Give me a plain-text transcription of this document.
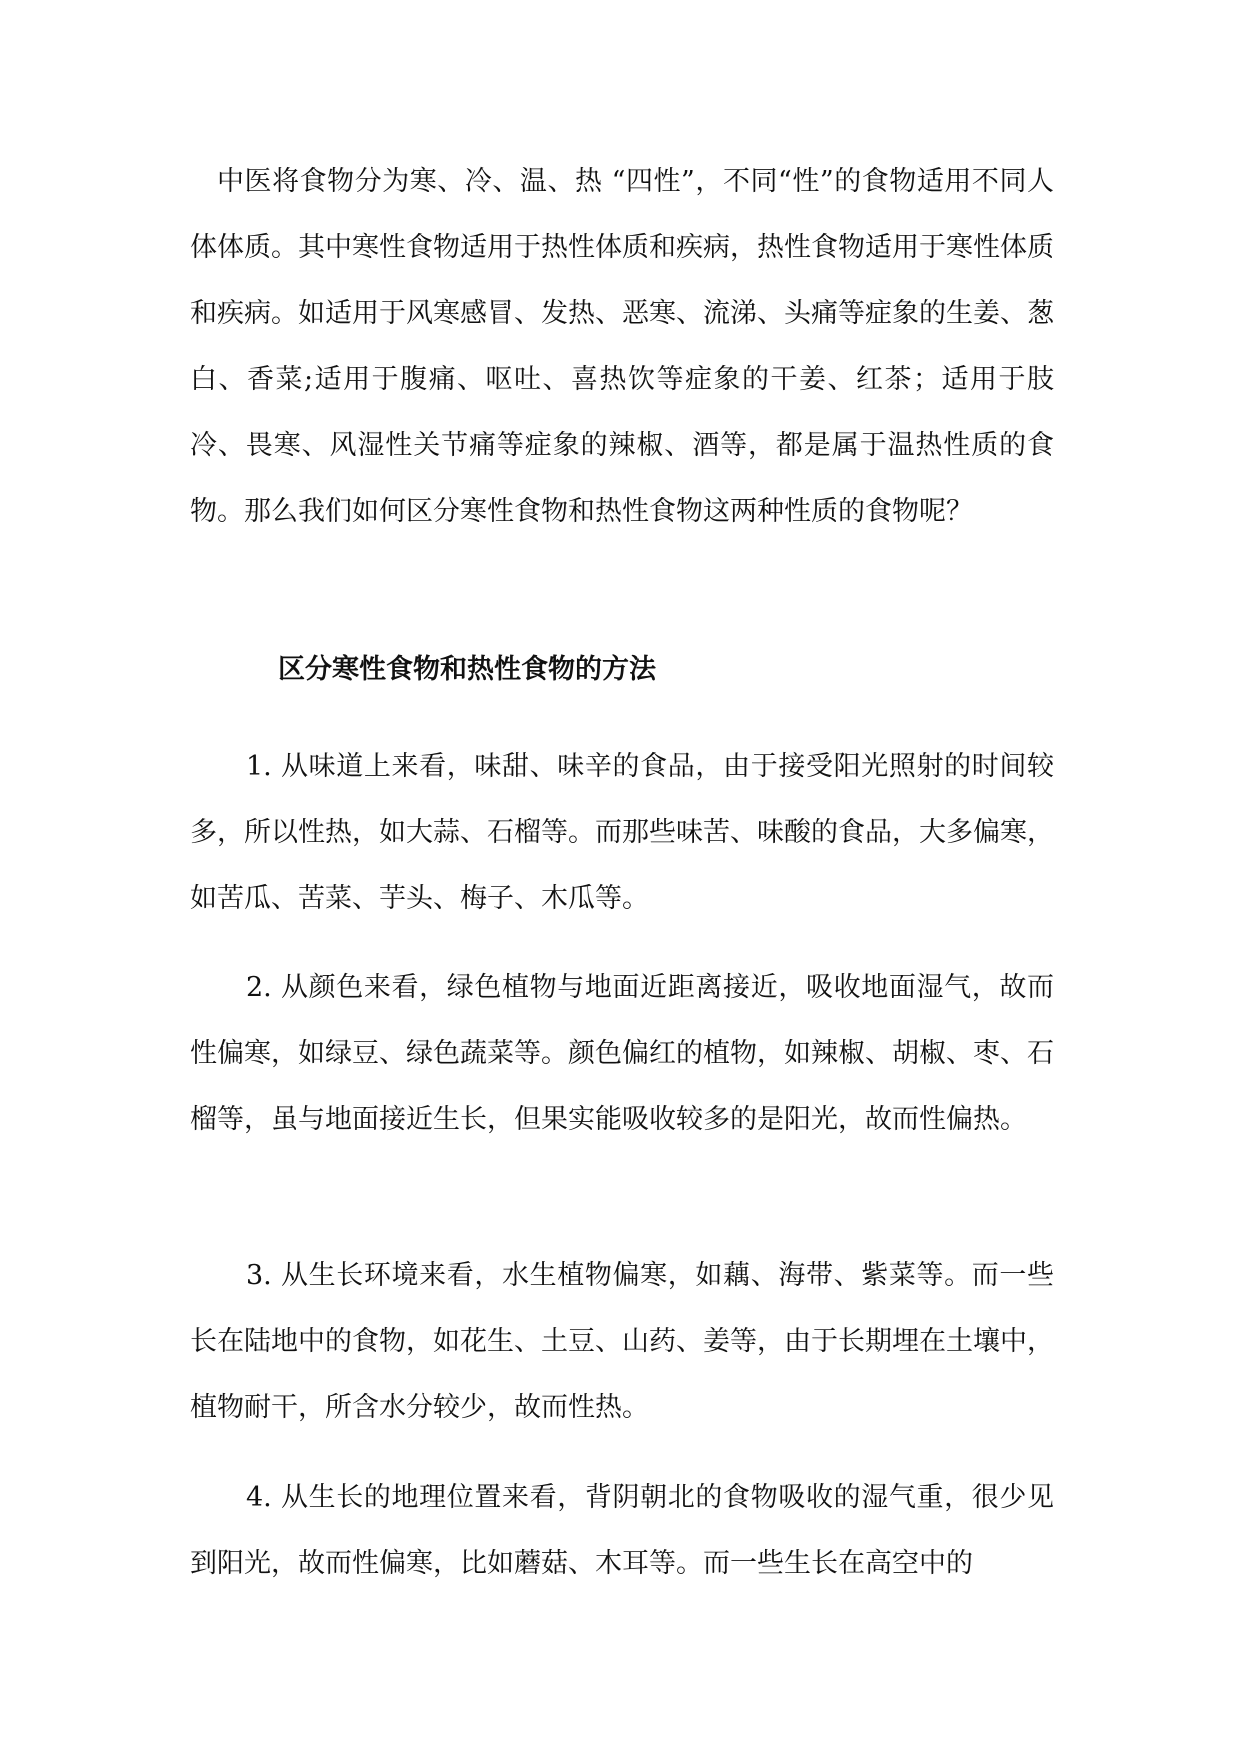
中医将食物分为寒、冷、温、热 “四性”，不同“性”的食物适用不同人体体质。其中寒性食物适用于热性体质和疾病，热性食物适用于寒性体质和疾病。如适用于风寒感冒、发热、恶寒、流涕、头痛等症象的生姜、葱白、香菜;适用于腹痛、呕吐、喜热饮等症象的干姜、红茶；适用于肢冷、畏寒、风湿性关节痛等症象的辣椒、酒等，都是属于温热性质的食物。那么我们如何区分寒性食物和热性食物这两种性质的食物呢？

区分寒性食物和热性食物的方法

1. 从味道上来看，味甜、味辛的食品，由于接受阳光照射的时间较多，所以性热，如大蒜、石榴等。而那些味苦、味酸的食品，大多偏寒，如苦瓜、苦菜、芋头、梅子、木瓜等。

2. 从颜色来看，绿色植物与地面近距离接近，吸收地面湿气，故而性偏寒，如绿豆、绿色蔬菜等。颜色偏红的植物，如辣椒、胡椒、枣、石榴等，虽与地面接近生长，但果实能吸收较多的是阳光，故而性偏热。

3. 从生长环境来看，水生植物偏寒，如藕、海带、紫菜等。而一些长在陆地中的食物，如花生、土豆、山药、姜等，由于长期埋在土壤中，植物耐干，所含水分较少，故而性热。

4. 从生长的地理位置来看，背阴朝北的食物吸收的湿气重，很少见到阳光，故而性偏寒，比如蘑菇、木耳等。而一些生长在高空中的
